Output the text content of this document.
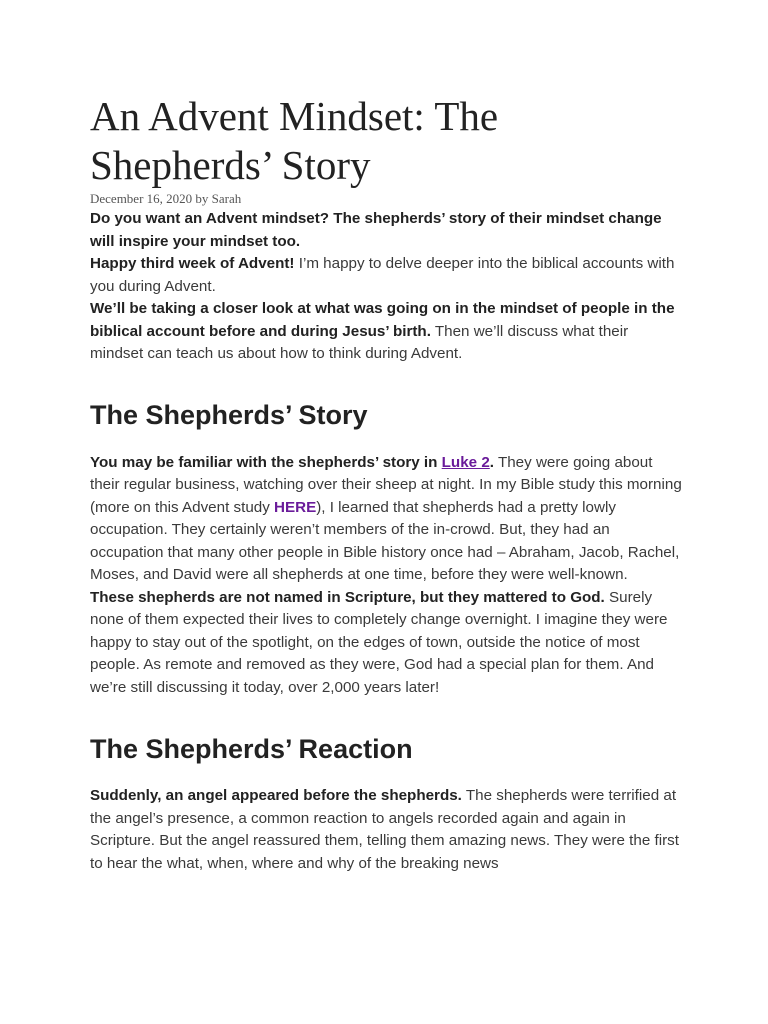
An Advent Mindset: The Shepherds’ Story
December 16, 2020 by Sarah

Do you want an Advent mindset? The shepherds’ story of their mindset change will inspire your mindset too.

Happy third week of Advent! I’m happy to delve deeper into the biblical accounts with you during Advent.

We’ll be taking a closer look at what was going on in the mindset of people in the biblical account before and during Jesus’ birth. Then we’ll discuss what their mindset can teach us about how to think during Advent.

The Shepherds’ Story

You may be familiar with the shepherds’ story in Luke 2. They were going about their regular business, watching over their sheep at night. In my Bible study this morning (more on this Advent study HERE), I learned that shepherds had a pretty lowly occupation. They certainly weren’t members of the in-crowd. But, they had an occupation that many other people in Bible history once had – Abraham, Jacob, Rachel, Moses, and David were all shepherds at one time, before they were well-known.

These shepherds are not named in Scripture, but they mattered to God. Surely none of them expected their lives to completely change overnight. I imagine they were happy to stay out of the spotlight, on the edges of town, outside the notice of most people. As remote and removed as they were, God had a special plan for them. And we’re still discussing it today, over 2,000 years later!

The Shepherds’ Reaction

Suddenly, an angel appeared before the shepherds. The shepherds were terrified at the angel’s presence, a common reaction to angels recorded again and again in Scripture. But the angel reassured them, telling them amazing news. They were the first to hear the what, when, where and why of the breaking news
